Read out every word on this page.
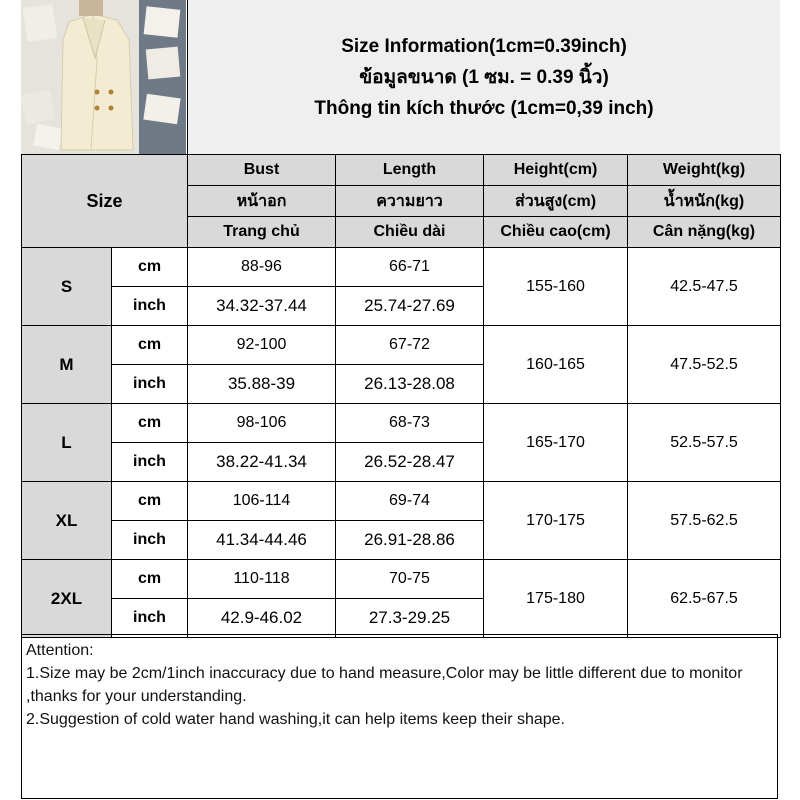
Size Information(1cm=0.39inch)
ข้อมูลขนาด (1 ซม. = 0.39 นิ้ว)
Thông tin kích thước (1cm=0,39 inch)
Size		Bust	Length	Height(cm)	Weight(kg)
		หน้าอก	ความยาว	ส่วนสูง(cm)	น้ำหนัก(kg)
		Trang chủ	Chiều dài	Chiều cao(cm)	Cân nặng(kg)
S	cm	88-96	66-71	155-160	42.5-47.5
	inch	34.32-37.44	25.74-27.69		
M	cm	92-100	67-72	160-165	47.5-52.5
	inch	35.88-39	26.13-28.08		
L	cm	98-106	68-73	165-170	52.5-57.5
	inch	38.22-41.34	26.52-28.47		
XL	cm	106-114	69-74	170-175	57.5-62.5
	inch	41.34-44.46	26.91-28.86		
2XL	cm	110-118	70-75	175-180	62.5-67.5
	inch	42.9-46.02	27.3-29.25		

Attention:

1.Size may be 2cm/1inch inaccuracy due to hand measure,Color may be little different due to monitor ,thanks for your understanding.

2.Suggestion of cold water hand washing,it can help items keep their shape.
